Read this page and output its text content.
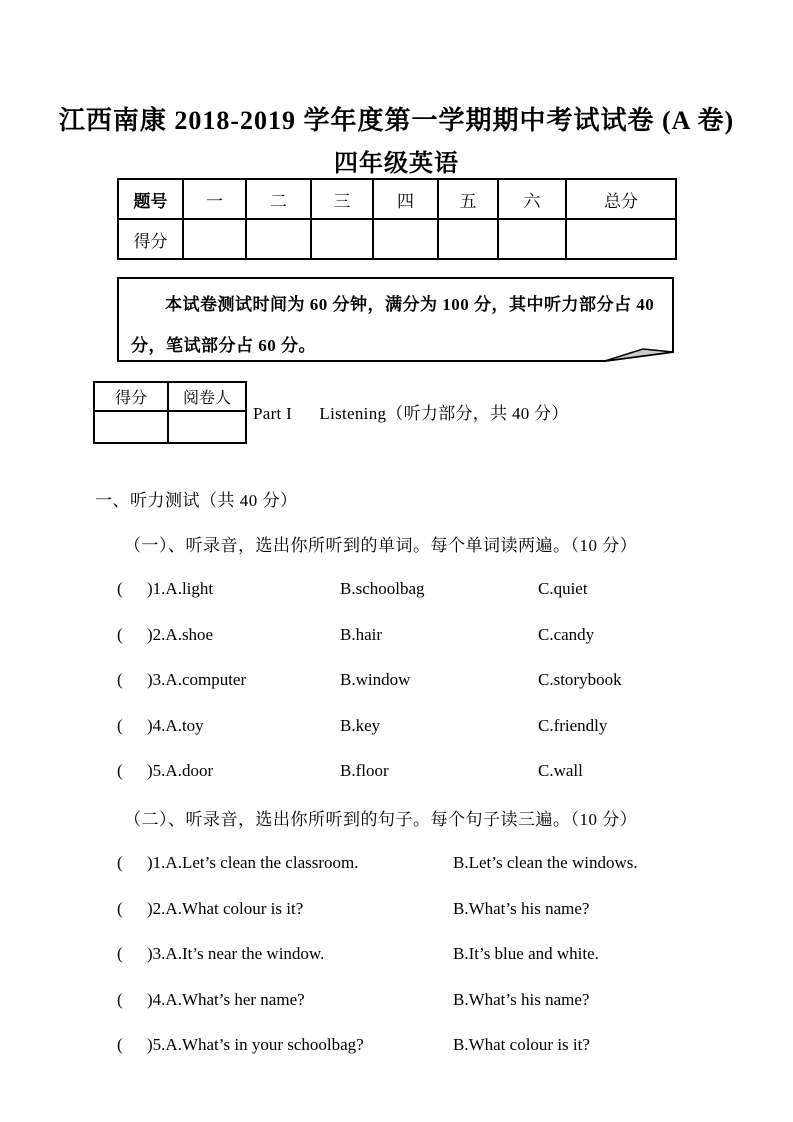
江西南康 2018-2019 学年度第一学期期中考试试卷 (A 卷)
四年级英语
题号	一	二	三	四	五	六	总分
得分							
本试卷测试时间为 60 分钟，满分为 100 分，其中听力部分占 40 分，笔试部分占 60 分。
得分	阅卷人

Part I      Listening（听力部分，共 40 分）
一、听力测试（共 40 分）
（一）、听录音，选出你所听到的单词。每个单词读两遍。（10 分）
( )1.A.light	B.schoolbag	C.quiet
( )2.A.shoe	B.hair	C.candy
( )3.A.computer	B.window	C.storybook
( )4.A.toy	B.key	C.friendly
( )5.A.door	B.floor	C.wall
（二）、听录音，选出你所听到的句子。每个句子读三遍。（10 分）
( )1.A.Let’s clean the classroom.	B.Let’s clean the windows.
( )2.A.What colour is it?	B.What’s his name?
( )3.A.It’s near the window.	B.It’s blue and white.
( )4.A.What’s her name?	B.What’s his name?
( )5.A.What’s in your schoolbag?	B.What colour is it?
